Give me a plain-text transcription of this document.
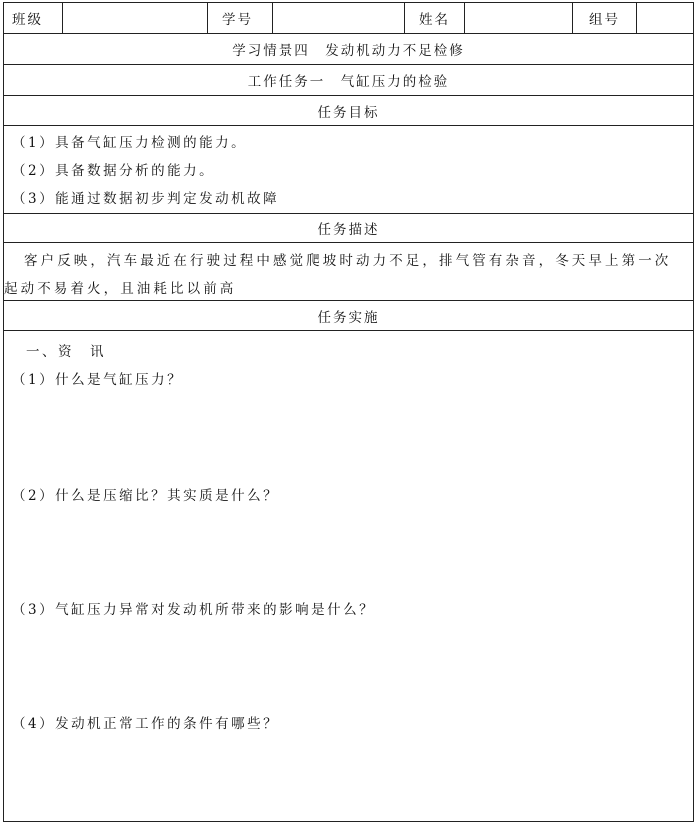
班级	学号	姓名	组号
学习情景四　发动机动力不足检修
工作任务一　气缸压力的检验
任务目标
（1）具备气缸压力检测的能力。
（2）具备数据分析的能力。
（3）能通过数据初步判定发动机故障
任务描述
客户反映，汽车最近在行驶过程中感觉爬坡时动力不足，排气管有杂音，冬天早上第一次
起动不易着火，且油耗比以前高
任务实施
一、资　讯
（1）什么是气缸压力？
（2）什么是压缩比？其实质是什么？
（3）气缸压力异常对发动机所带来的影响是什么？
（4）发动机正常工作的条件有哪些？
